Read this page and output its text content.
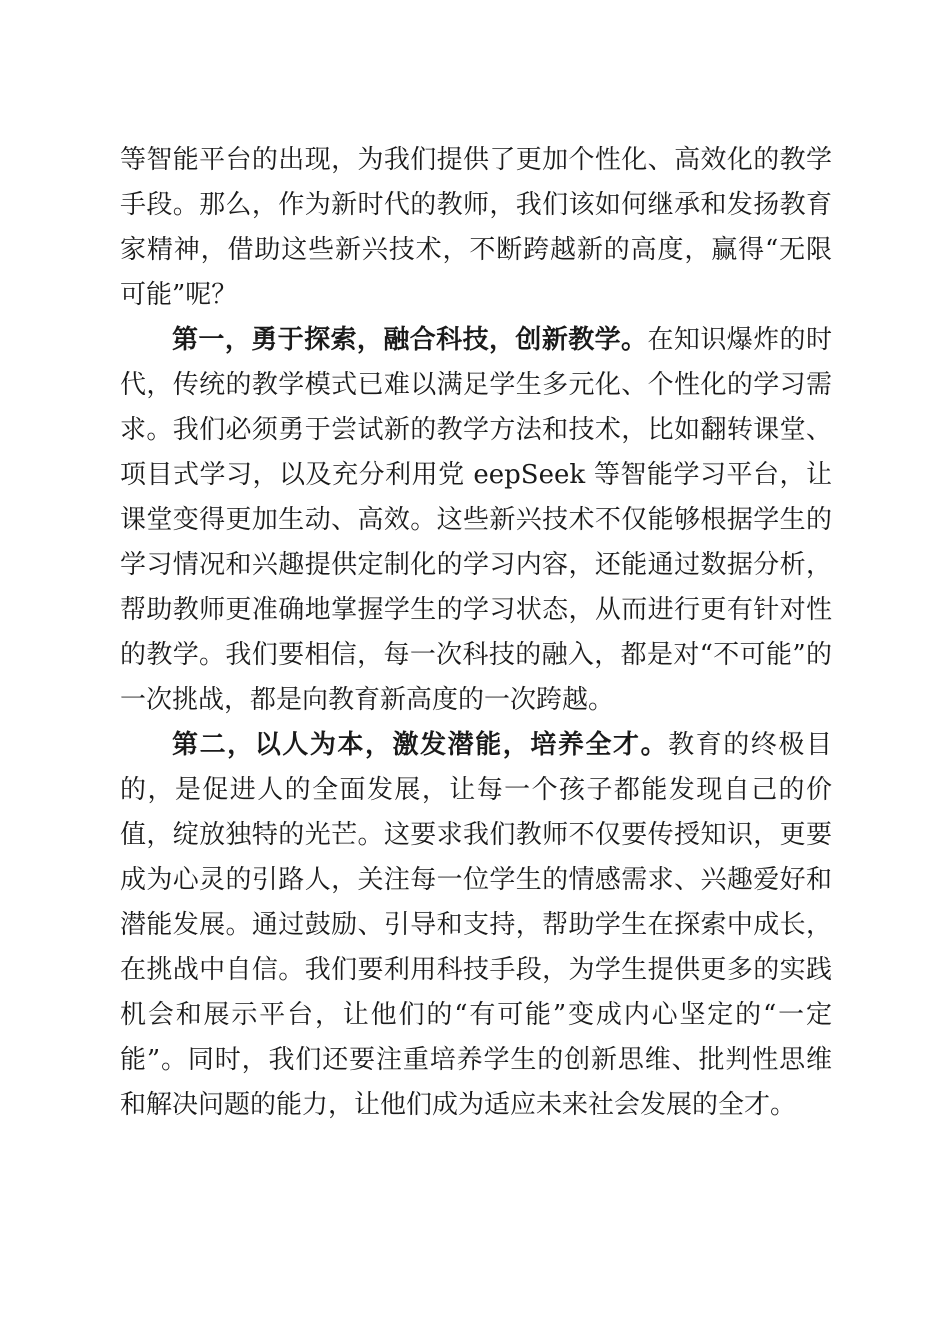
等智能平台的出现，为我们提供了更加个性化、高效化的教学手段。那么，作为新时代的教师，我们该如何继承和发扬教育家精神，借助这些新兴技术，不断跨越新的高度，赢得“无限可能”呢？

第一，勇于探索，融合科技，创新教学。在知识爆炸的时代，传统的教学模式已难以满足学生多元化、个性化的学习需求。我们必须勇于尝试新的教学方法和技术，比如翻转课堂、项目式学习，以及充分利用党 eepSeek 等智能学习平台，让课堂变得更加生动、高效。这些新兴技术不仅能够根据学生的学习情况和兴趣提供定制化的学习内容，还能通过数据分析，帮助教师更准确地掌握学生的学习状态，从而进行更有针对性的教学。我们要相信，每一次科技的融入，都是对“不可能”的一次挑战，都是向教育新高度的一次跨越。

第二，以人为本，激发潜能，培养全才。教育的终极目的，是促进人的全面发展，让每一个孩子都能发现自己的价值，绽放独特的光芒。这要求我们教师不仅要传授知识，更要成为心灵的引路人，关注每一位学生的情感需求、兴趣爱好和潜能发展。通过鼓励、引导和支持，帮助学生在探索中成长，在挑战中自信。我们要利用科技手段，为学生提供更多的实践机会和展示平台，让他们的“有可能”变成内心坚定的“一定能”。同时，我们还要注重培养学生的创新思维、批判性思维和解决问题的能力，让他们成为适应未来社会发展的全才。
